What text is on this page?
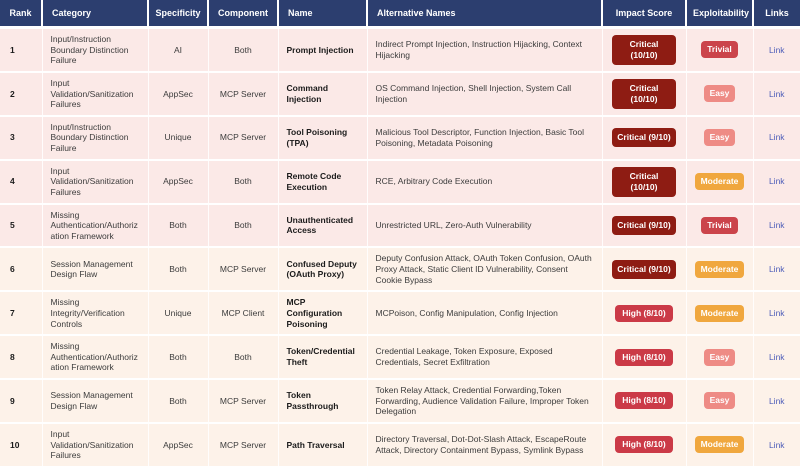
Rank	Category	Specificity	Component	Name	Alternative Names	Impact Score	Exploitability	Links
1	Input/Instruction Boundary Distinction Failure	AI	Both	Prompt Injection	Indirect Prompt Injection, Instruction Hijacking, Context Hijacking	Critical (10/10)	Trivial	Link
2	Input Validation/Sanitization Failures	AppSec	MCP Server	Command Injection	OS Command Injection, Shell Injection, System Call Injection	Critical (10/10)	Easy	Link
3	Input/Instruction Boundary Distinction Failure	Unique	MCP Server	Tool Poisoning (TPA)	Malicious Tool Descriptor, Function Injection, Basic Tool Poisoning, Metadata Poisoning	Critical (9/10)	Easy	Link
4	Input Validation/Sanitization Failures	AppSec	Both	Remote Code Execution	RCE, Arbitrary Code Execution	Critical (10/10)	Moderate	Link
5	Missing Authentication/Authorization Framework	Both	Both	Unauthenticated Access	Unrestricted URL, Zero-Auth Vulnerability	Critical (9/10)	Trivial	Link
6	Session Management Design Flaw	Both	MCP Server	Confused Deputy (OAuth Proxy)	Deputy Confusion Attack, OAuth Token Confusion, OAuth Proxy Attack, Static Client ID Vulnerability, Consent Cookie Bypass	Critical (9/10)	Moderate	Link
7	Missing Integrity/Verification Controls	Unique	MCP Client	MCP Configuration Poisoning	MCPoison, Config Manipulation, Config Injection	High (8/10)	Moderate	Link
8	Missing Authentication/Authorization Framework	Both	Both	Token/Credential Theft	Credential Leakage, Token Exposure, Exposed Credentials, Secret Exfiltration	High (8/10)	Easy	Link
9	Session Management Design Flaw	Both	MCP Server	Token Passthrough	Token Relay Attack, Credential Forwarding,Token Forwarding, Audience Validation Failure, Improper Token Delegation	High (8/10)	Easy	Link
10	Input Validation/Sanitization Failures	AppSec	MCP Server	Path Traversal	Directory Traversal, Dot-Dot-Slash Attack, EscapeRoute Attack, Directory Containment Bypass, Symlink Bypass	High (8/10)	Moderate	Link
